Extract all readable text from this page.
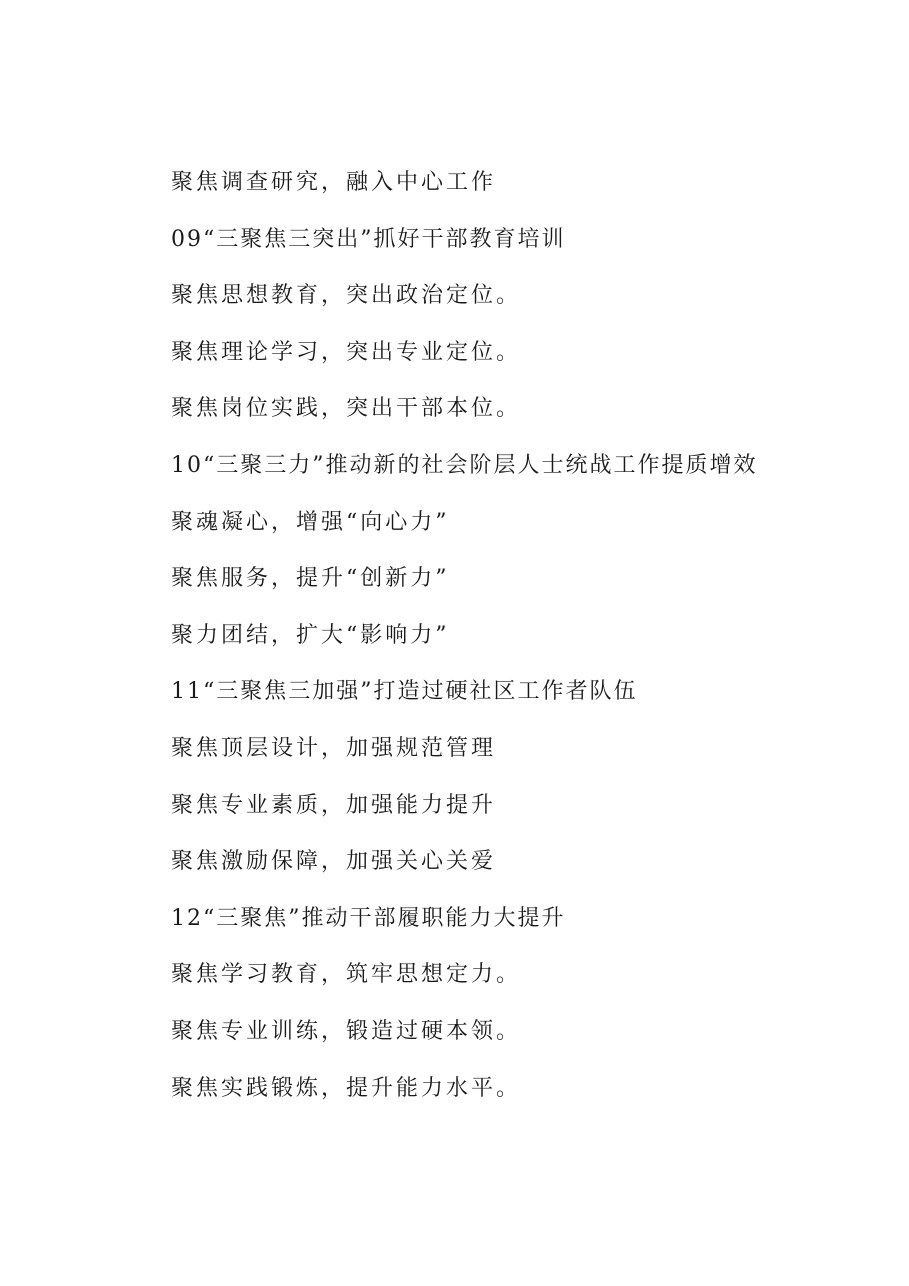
聚焦调查研究，融入中心工作
09“三聚焦三突出”抓好干部教育培训
聚焦思想教育，突出政治定位。
聚焦理论学习，突出专业定位。
聚焦岗位实践，突出干部本位。
10“三聚三力”推动新的社会阶层人士统战工作提质增效
聚魂凝心，增强“向心力”
聚焦服务，提升“创新力”
聚力团结，扩大“影响力”
11“三聚焦三加强”打造过硬社区工作者队伍
聚焦顶层设计，加强规范管理
聚焦专业素质，加强能力提升
聚焦激励保障，加强关心关爱
12“三聚焦”推动干部履职能力大提升
聚焦学习教育，筑牢思想定力。
聚焦专业训练，锻造过硬本领。
聚焦实践锻炼，提升能力水平。
